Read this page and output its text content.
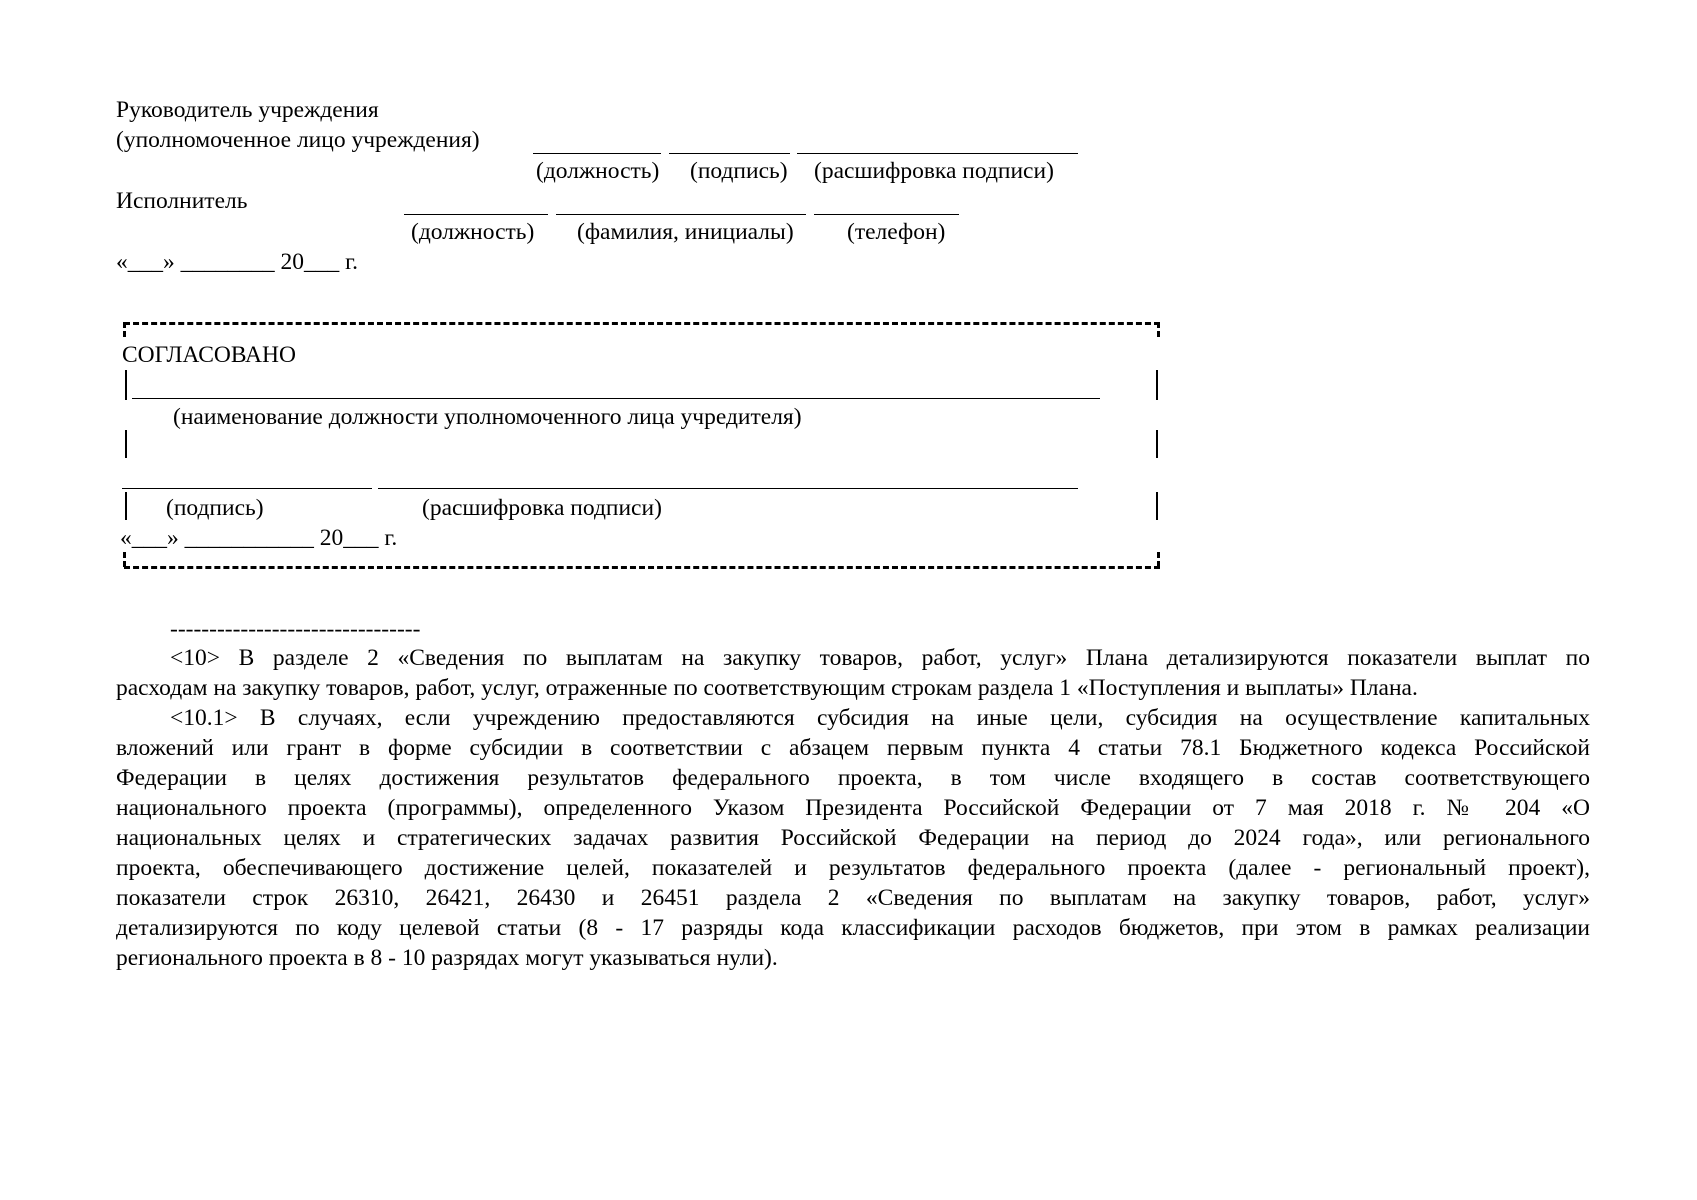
Руководитель учреждения
(уполномоченное лицо учреждения)
(должность) (подпись) (расшифровка подписи)
Исполнитель
(должность) (фамилия, инициалы) (телефон)
«___» ________ 20___ г.
СОГЛАСОВАНО
(наименование должности уполномоченного лица учредителя)
(подпись)	(расшифровка подписи)
«___» ___________ 20___ г.
--------------------------------
<10> В разделе 2 «Сведения по выплатам на закупку товаров, работ, услуг» Плана детализируются показатели выплат по
расходам на закупку товаров, работ, услуг, отраженные по соответствующим строкам раздела 1 «Поступления и выплаты» Плана.
<10.1> В случаях, если учреждению предоставляются субсидия на иные цели, субсидия на осуществление капитальных
вложений или грант в форме субсидии в соответствии с абзацем первым пункта 4 статьи 78.1 Бюджетного кодекса Российской
Федерации в целях достижения результатов федерального проекта, в том числе входящего в состав соответствующего
национального проекта (программы), определенного Указом Президента Российской Федерации от 7 мая 2018 г. № 204 «О
национальных целях и стратегических задачах развития Российской Федерации на период до 2024 года», или регионального
проекта, обеспечивающего достижение целей, показателей и результатов федерального проекта (далее - региональный проект),
показатели строк 26310, 26421, 26430 и 26451 раздела 2 «Сведения по выплатам на закупку товаров, работ, услуг»
детализируются по коду целевой статьи (8 - 17 разряды кода классификации расходов бюджетов, при этом в рамках реализации
регионального проекта в 8 - 10 разрядах могут указываться нули).
